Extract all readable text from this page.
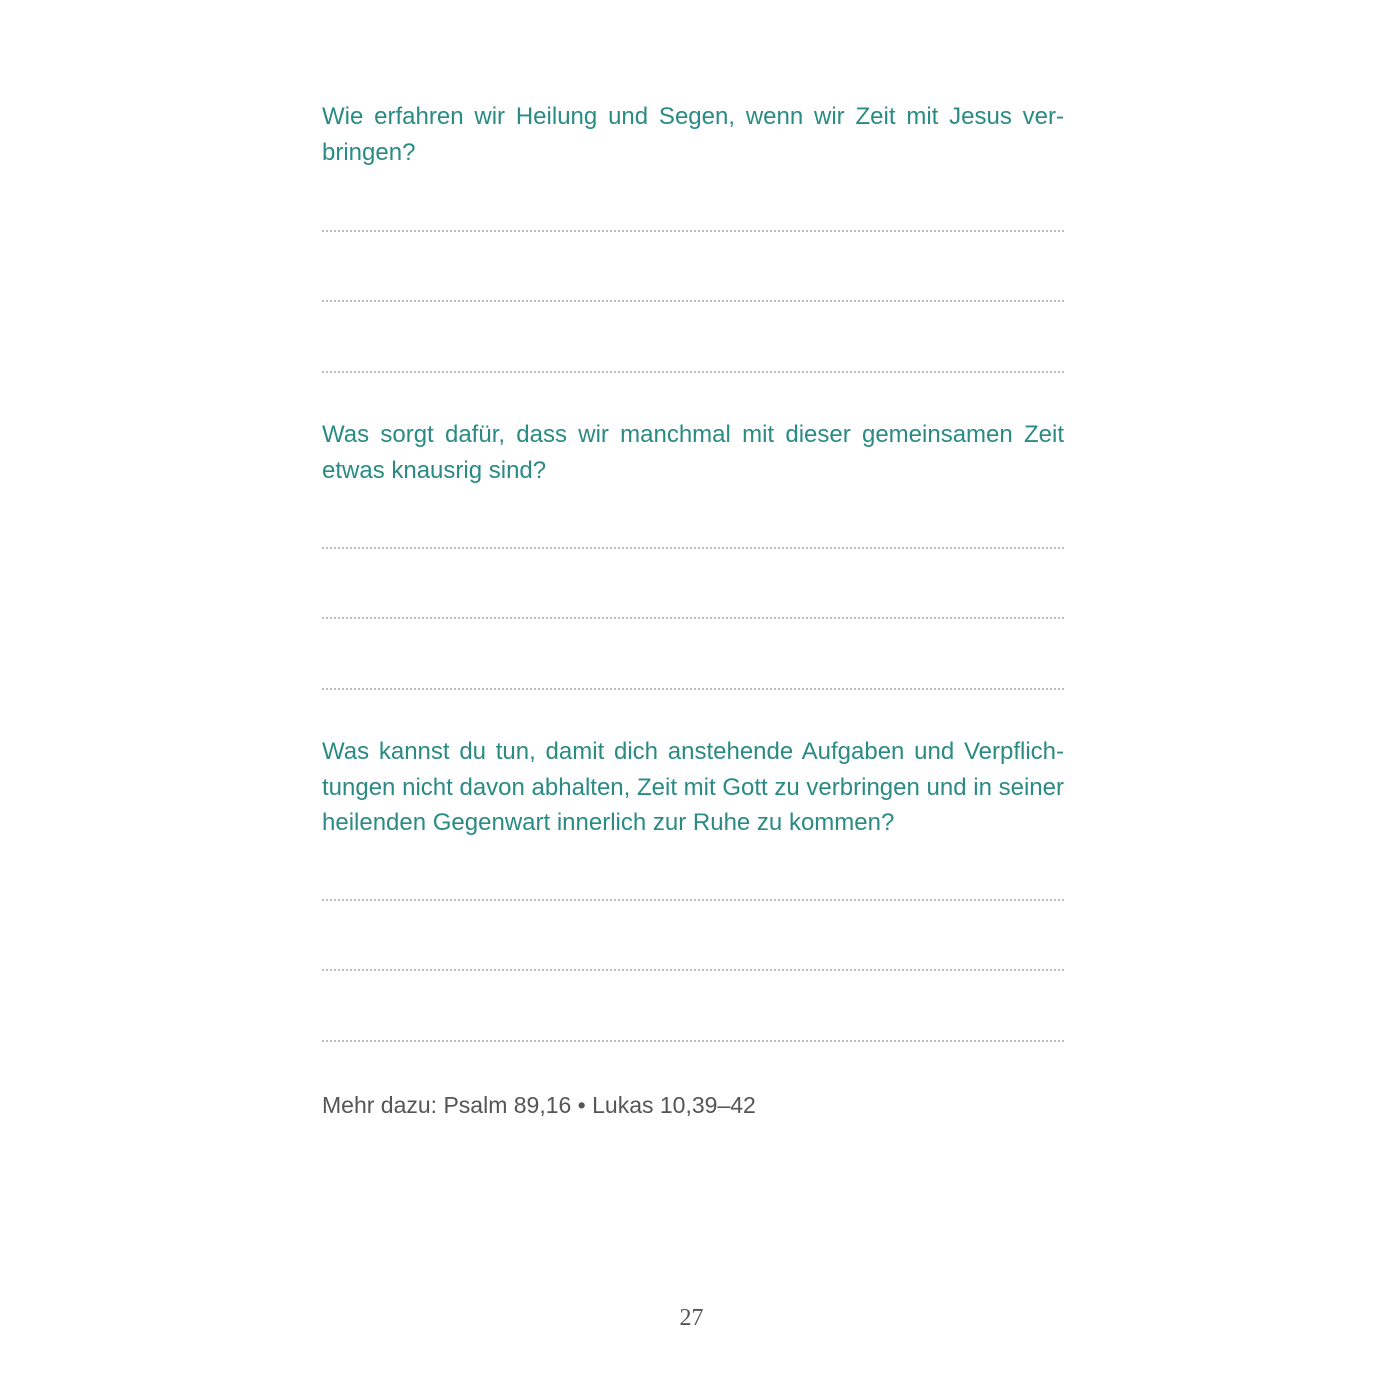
Wie erfahren wir Heilung und Segen, wenn wir Zeit mit Jesus ver-
bringen?
Was sorgt dafür, dass wir manchmal mit dieser gemeinsamen Zeit
etwas knausrig sind?
Was kannst du tun, damit dich anstehende Aufgaben und Verpflich-
tungen nicht davon abhalten, Zeit mit Gott zu verbringen und in seiner
heilenden Gegenwart innerlich zur Ruhe zu kommen?
Mehr dazu: Psalm 89,16 • Lukas 10,39–42
27
